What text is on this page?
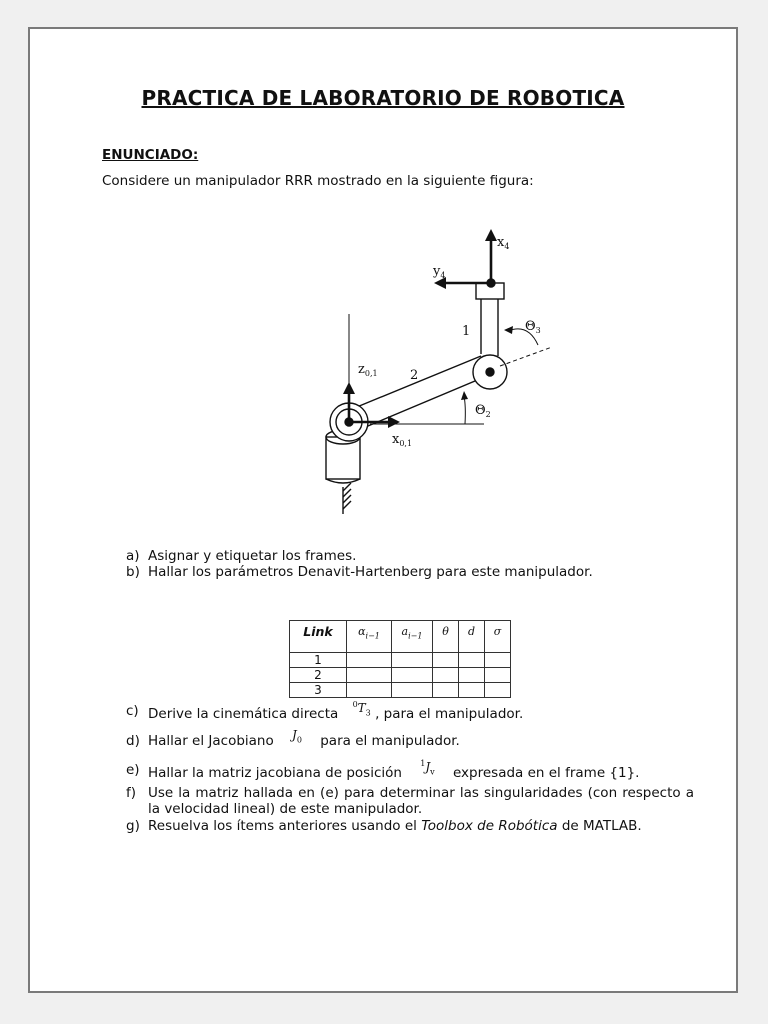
PRACTICA DE LABORATORIO DE ROBOTICA
ENUNCIADO:
Considere un manipulador RRR mostrado en la siguiente figura:
$x_4$
$y_4$
1
2
$\Theta_3$
$\Theta_2$
$z_{0,1}$
$x_{0,1}$
a) Asignar y etiquetar los frames.
b) Hallar los parámetros Denavit-Hartenberg para este manipulador.
Link	$\alpha_{i-1}$	$a_{i-1}$	θ	d	σ
1					
2					
3					
c) Derive la cinemática directa $^0T_3$ , para el manipulador.
d) Hallar el Jacobiano $J_0$ para el manipulador.
e) Hallar la matriz jacobiana de posición $^1J_v$ expresada en el frame {1}.
f) Use la matriz hallada en (e) para determinar las singularidades (con respecto a la velocidad lineal) de este manipulador.
g) Resuelva los ítems anteriores usando el Toolbox de Robótica de MATLAB.
